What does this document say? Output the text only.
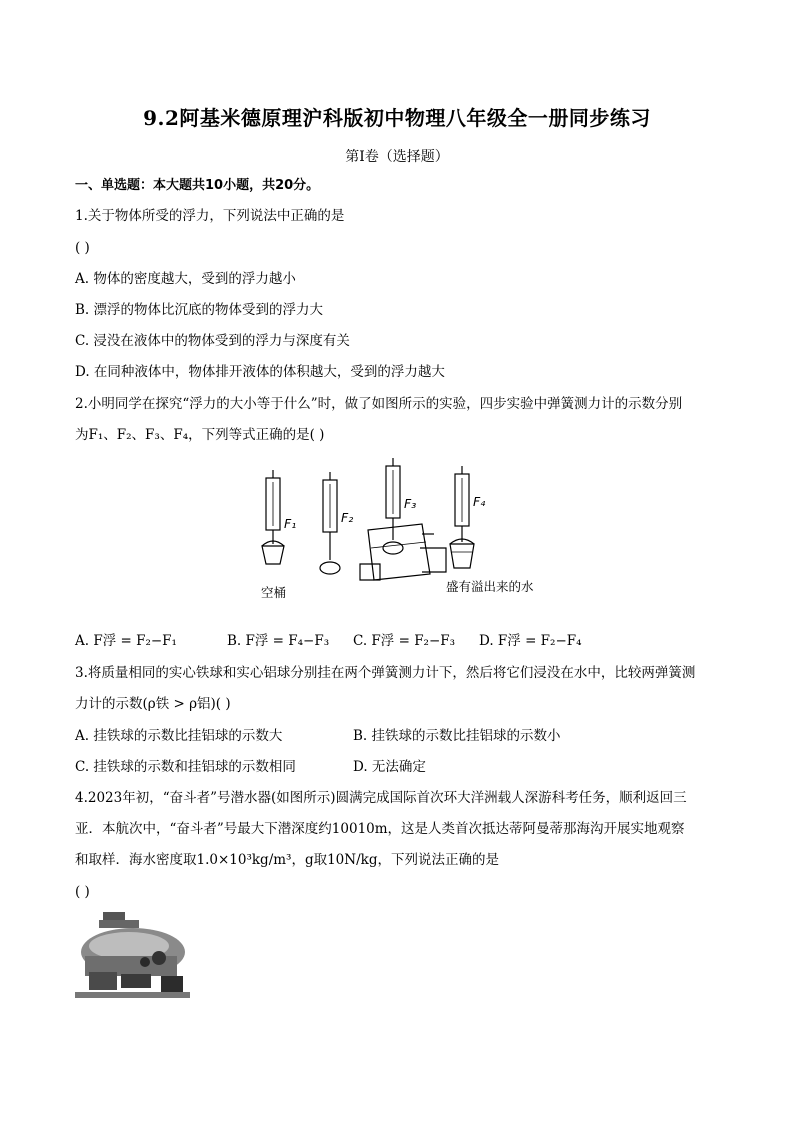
9.2阿基米德原理沪科版初中物理八年级全一册同步练习
第I卷（选择题）
一、单选题：本大题共10小题，共20分。
1.关于物体所受的浮力，下列说法中正确的是
( )
A. 物体的密度越大，受到的浮力越小
B. 漂浮的物体比沉底的物体受到的浮力大
C. 浸没在液体中的物体受到的浮力与深度有关
D. 在同种液体中，物体排开液体的体积越大，受到的浮力越大
2.小明同学在探究“浮力的大小等于什么”时，做了如图所示的实验，四步实验中弹簧测力计的示数分别
为F₁、F₂、F₃、F₄，下列等式正确的是( )
F₁	F₂
F₃	F₄
空桶	盛有溢出来的水
A. F浮 = F₂−F₁	B. F浮 = F₄−F₃ C. F浮 = F₂−F₃ D. F浮 = F₂−F₄
3.将质量相同的实心铁球和实心铝球分别挂在两个弹簧测力计下，然后将它们浸没在水中，比较两弹簧测
力计的示数(ρ铁 > ρ铝)( )
A. 挂铁球的示数比挂铝球的示数大	B. 挂铁球的示数比挂铝球的示数小
C. 挂铁球的示数和挂铝球的示数相同	D. 无法确定
4.2023年初，“奋斗者”号潜水器(如图所示)圆满完成国际首次环大洋洲载人深游科考任务，顺利返回三
亚．本航次中，“奋斗者”号最大下潜深度约10010m，这是人类首次抵达蒂阿曼蒂那海沟开展实地观察
和取样．海水密度取1.0×10³kg/m³，g取10N/kg，下列说法正确的是
( )
